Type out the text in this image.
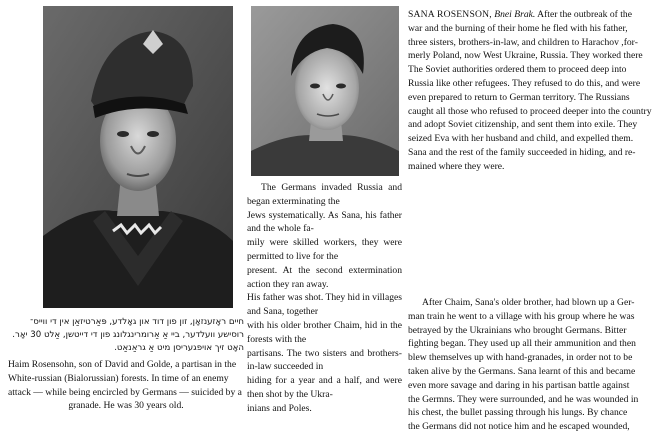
SANA ROSENSON, Bnei Brak. After the outbreak of the

war and the burning of their home he fled with his father,

three sisters, brothers-in-law, and children to Harachov ,for-

merly Poland, now West Ukraine, Russia. They worked there

The Soviet authorities ordered them to proceed deep into

Russia like other refugees. They refused to do this, and were

even prepared to return to German territory. The Russians

caught all those who refused to proceed deeper into the country

and adopt Soviet citizenship, and sent them into exile. They

seized Eva with her husband and child, and expelled them.

Sana and the rest of the family succeeded in hiding, and re-

mained where they were.

The Germans invaded Russia and began exterminating the

Jews systematically. As Sana, his father and the whole fa-

mily were skilled workers, they were permitted to live for the

present. At the second extermination action they ran away.

His father was shot. They hid in villages and Sana, together

with his older brother Chaim, hid in the forests with the

partisans. The two sisters and brothers-in-law succeeded in

hiding for a year and a half, and were then shot by the Ukra-

inians and Poles.

After Chaim, Sana's older brother, had blown up a Ger-

man train he went to a village with his group where he was

betrayed by the Ukrainians who brought Germans. Bitter

fighting began. They used up all their ammunition and then

blew themselves up with hand-granades, in order not to be

taken alive by the Germans. Sana learnt of this and became

even more savage and daring in his partisan battle against

the Germns. They were surrounded, and he was wounded in

his chest, the bullet passing through his lungs. By chance

the Germans did not notice him and he escaped wounded,

חיים ראָזענזאָן, זון פון דוד און גאָלדע, פּאַרטיזאַן אין די ווייס־

רוסישע וועלדער, ביי אַ אַרומרינגלונג פון די דייטשן, אַלט 30 יאָר.

האָט זיך אויפגעריסן מיט אַ גראַנאַט.

Haim Rosensohn, son of David and Golde, a partisan in the

White-russian (Bialorussian) forests. In time of an enemy

attack — while being encircled by Germans — suicided by a

granade. He was 30 years old.
